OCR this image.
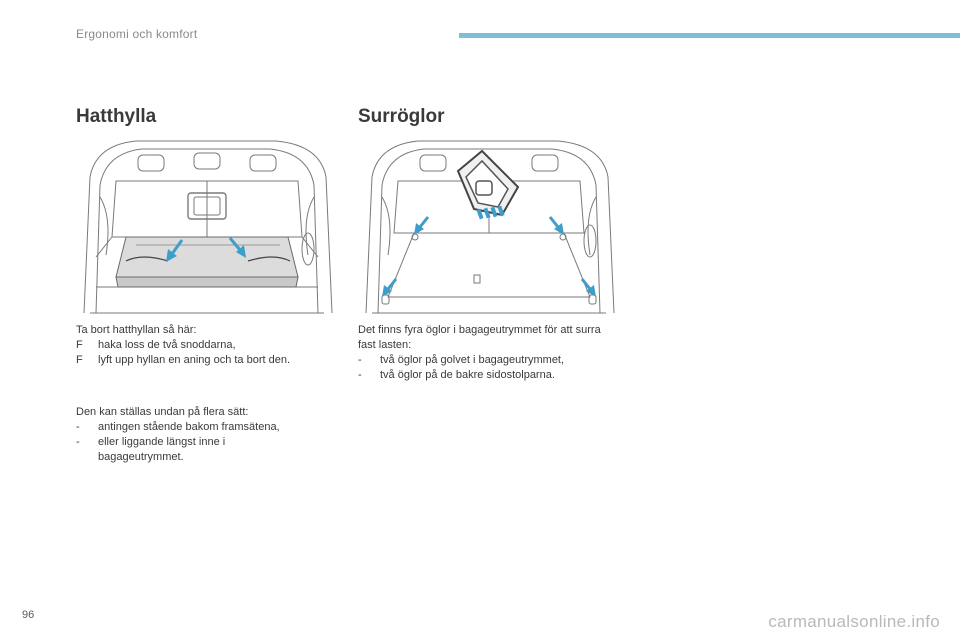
Ergonomi och komfort
Hatthylla

Ta bort hatthyllan så här:

F haka loss de två snoddarna,
F lyft upp hyllan en aning och ta bort den.

Den kan ställas undan på flera sätt:

- antingen stående bakom framsätena,
- eller liggande längst inne i bagageutrymmet.
Surröglor

Det finns fyra öglor i bagageutrymmet för att surra fast lasten:

- två öglor på golvet i bagageutrymmet,
- två öglor på de bakre sidostolparna.
96	carmanualsonline.info
